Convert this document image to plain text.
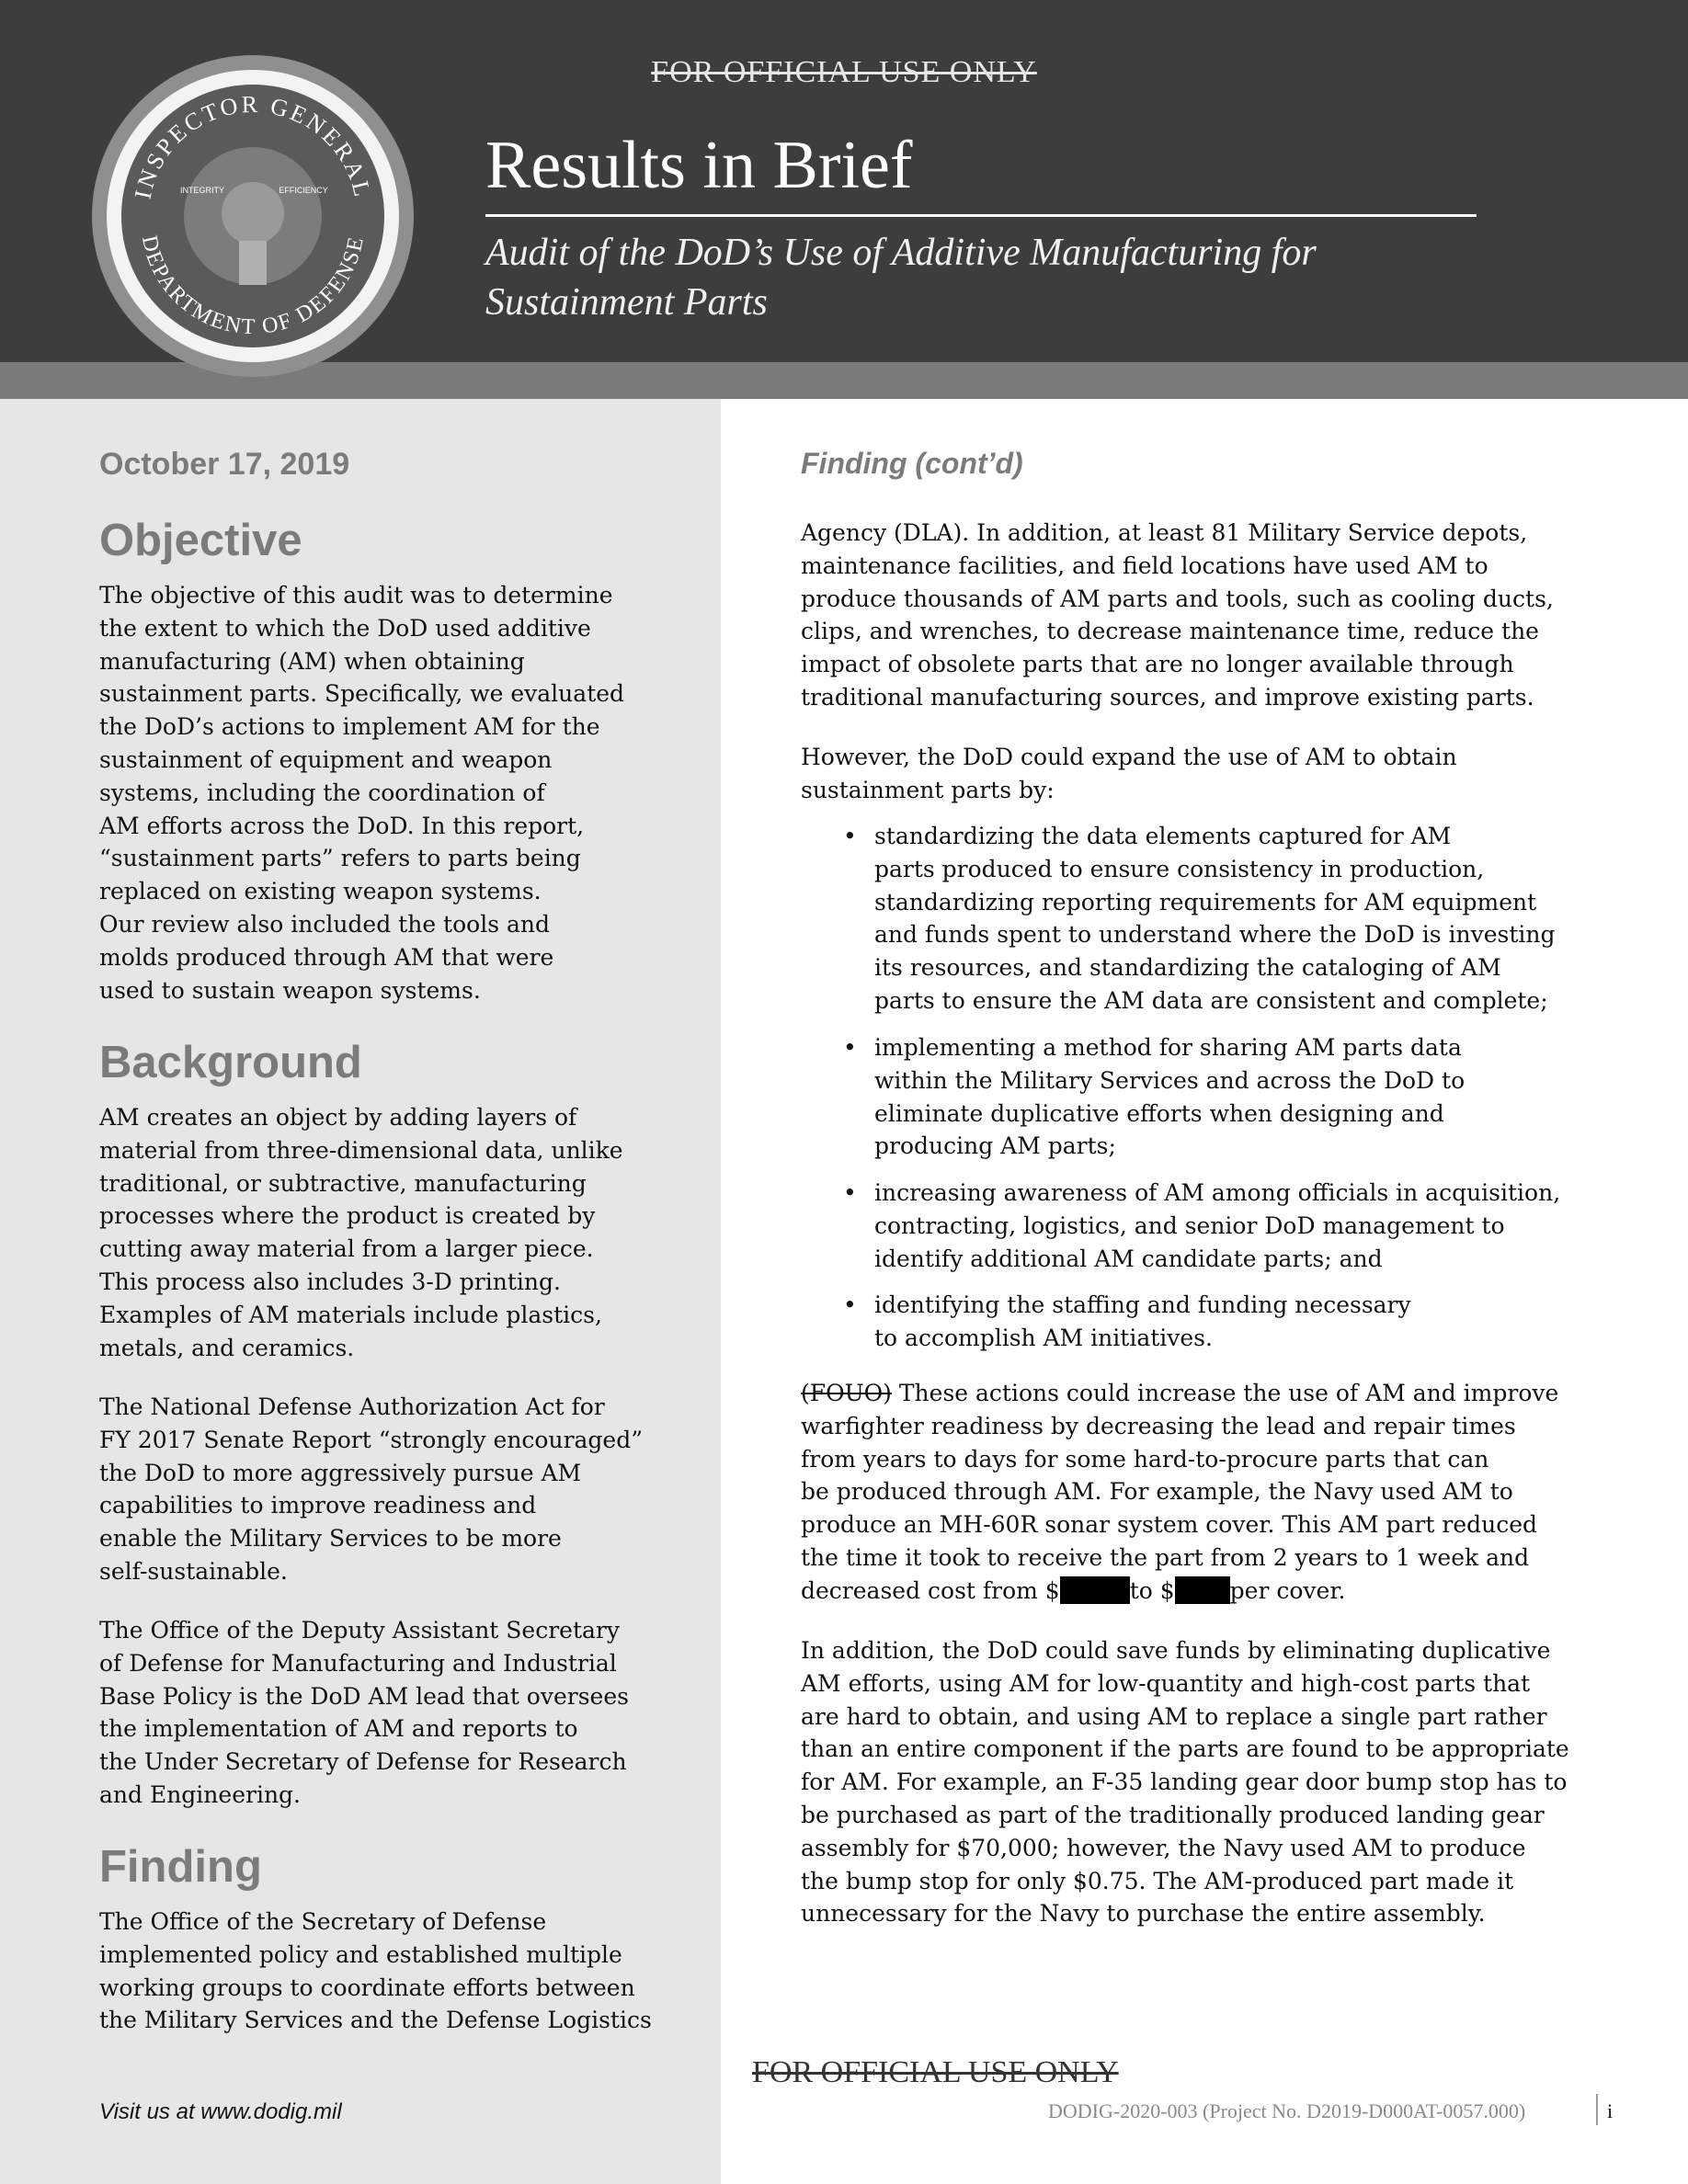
INSPECTOR GENERAL
DEPARTMENT OF DEFENSE
INTEGRITY	EFFICIENCY
FOR OFFICIAL USE ONLY
Results in Brief
Audit of the DoD’s Use of Additive Manufacturing for
Sustainment Parts
October 17, 2019
Objective
The objective of this audit was to determine
the extent to which the DoD used additive
manufacturing (AM) when obtaining
sustainment parts. Specifically, we evaluated
the DoD’s actions to implement AM for the
sustainment of equipment and weapon
systems, including the coordination of
AM efforts across the DoD. In this report,
“sustainment parts” refers to parts being
replaced on existing weapon systems.
Our review also included the tools and
molds produced through AM that were
used to sustain weapon systems.
Background
AM creates an object by adding layers of
material from three-dimensional data, unlike
traditional, or subtractive, manufacturing
processes where the product is created by
cutting away material from a larger piece.
This process also includes 3-D printing.
Examples of AM materials include plastics,
metals, and ceramics.
The National Defense Authorization Act for
FY 2017 Senate Report “strongly encouraged”
the DoD to more aggressively pursue AM
capabilities to improve readiness and
enable the Military Services to be more
self-sustainable.
The Office of the Deputy Assistant Secretary
of Defense for Manufacturing and Industrial
Base Policy is the DoD AM lead that oversees
the implementation of AM and reports to
the Under Secretary of Defense for Research
and Engineering.
Finding
The Office of the Secretary of Defense
implemented policy and established multiple
working groups to coordinate efforts between
the Military Services and the Defense Logistics
Finding (cont’d)
Agency (DLA). In addition, at least 81 Military Service depots,
maintenance facilities, and field locations have used AM to
produce thousands of AM parts and tools, such as cooling ducts,
clips, and wrenches, to decrease maintenance time, reduce the
impact of obsolete parts that are no longer available through
traditional manufacturing sources, and improve existing parts.
However, the DoD could expand the use of AM to obtain
sustainment parts by:
• standardizing the data elements captured for AM
parts produced to ensure consistency in production,
standardizing reporting requirements for AM equipment
and funds spent to understand where the DoD is investing
its resources, and standardizing the cataloging of AM
parts to ensure the AM data are consistent and complete;
• implementing a method for sharing AM parts data
within the Military Services and across the DoD to
eliminate duplicative efforts when designing and
producing AM parts;
• increasing awareness of AM among officials in acquisition,
contracting, logistics, and senior DoD management to
identify additional AM candidate parts; and
• identifying the staffing and funding necessary
to accomplish AM initiatives.
(FOUO) These actions could increase the use of AM and improve
warfighter readiness by decreasing the lead and repair times
from years to days for some hard-to-procure parts that can
be produced through AM. For example, the Navy used AM to
produce an MH-60R sonar system cover. This AM part reduced
the time it took to receive the part from 2 years to 1 week and
decreased cost from $	to $ per cover.
In addition, the DoD could save funds by eliminating duplicative
AM efforts, using AM for low-quantity and high-cost parts that
are hard to obtain, and using AM to replace a single part rather
than an entire component if the parts are found to be appropriate
for AM. For example, an F-35 landing gear door bump stop has to
be purchased as part of the traditionally produced landing gear
assembly for $70,000; however, the Navy used AM to produce
the bump stop for only $0.75. The AM-produced part made it
unnecessary for the Navy to purchase the entire assembly.
FOR OFFICIAL USE ONLY
Visit us at www.dodig.mil	DODIG-2020-003 (Project No. D2019-D000AT-0057.000)	i
